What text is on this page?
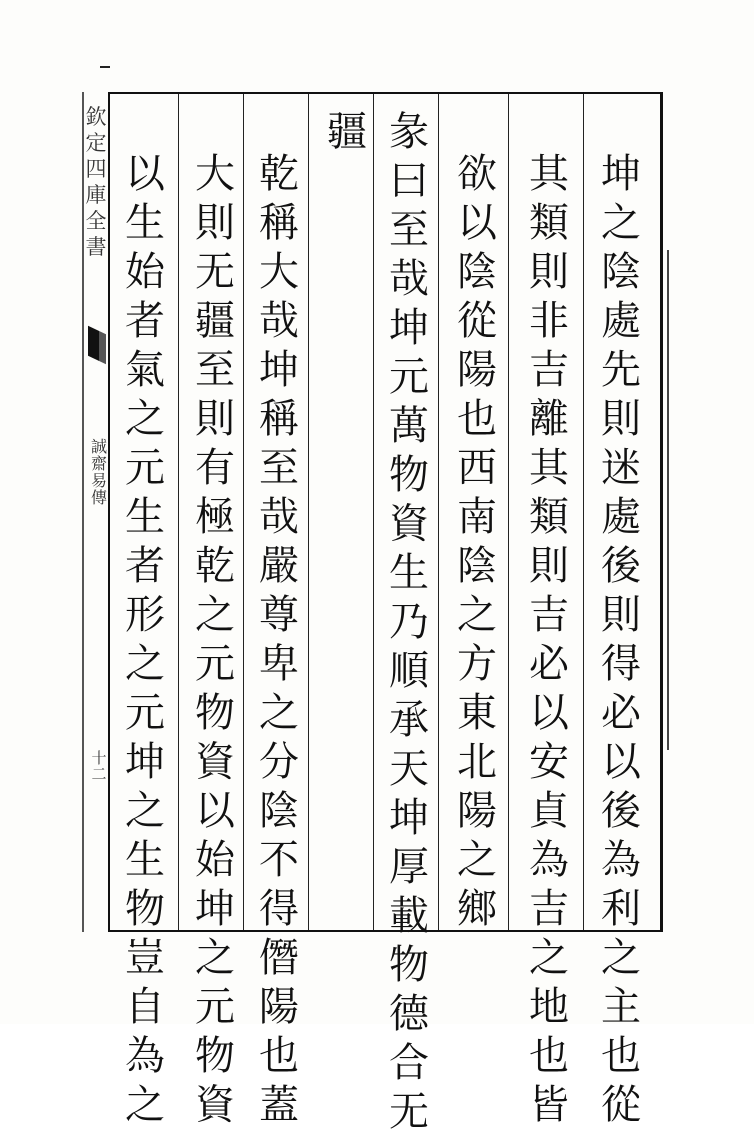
欽
定
四
庫
全
書
誠
齋
易
傳
十
二
坤
之
陰
處
先
則
迷
處
後
則
得
必
以
後
為
利
之
主
也
從
其
類
則
非
吉
離
其
類
則
吉
必
以
安
貞
為
吉
之
地
也
皆
欲
以
陰
從
陽
也
西
南
陰
之
方
東
北
陽
之
鄉
彖
曰
至
哉
坤
元
萬
物
資
生
乃
順
承
天
坤
厚
載
物
德
合
无
疆
乾
稱
大
哉
坤
稱
至
哉
嚴
尊
卑
之
分
陰
不
得
僭
陽
也
蓋
大
則
无
疆
至
則
有
極
乾
之
元
物
資
以
始
坤
之
元
物
資
以
生
始
者
氣
之
元
生
者
形
之
元
坤
之
生
物
豈
自
為
之
